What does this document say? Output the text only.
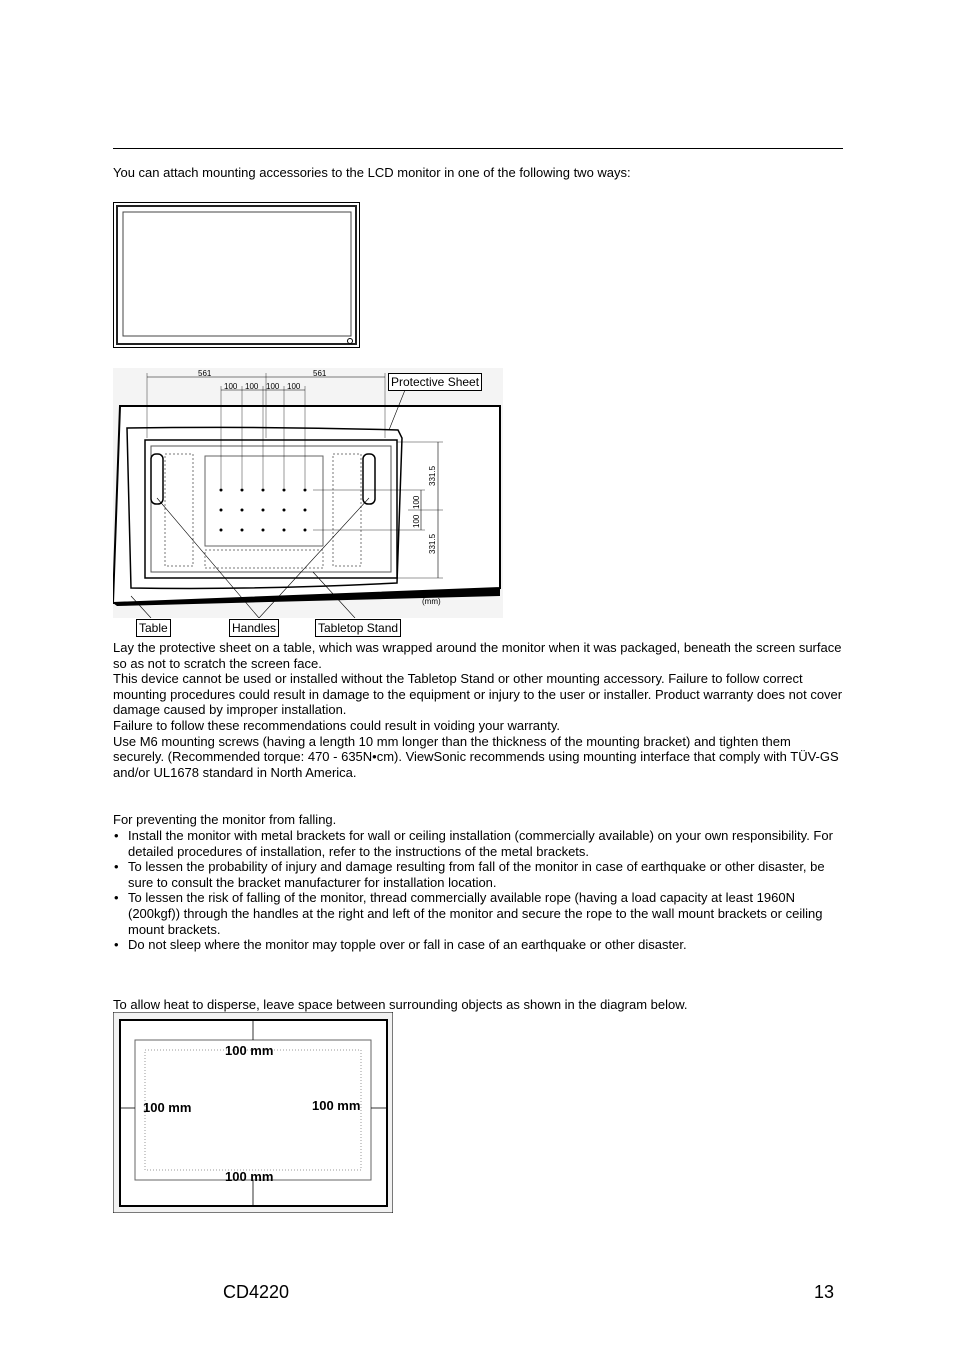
You can attach mounting accessories to the LCD monitor in one of the following two ways:
561	561
100 100 100 100
331.5
331.5
100
100
(mm)
Protective Sheet
Table	Handles	Tabletop Stand

Lay the protective sheet on a table, which was wrapped around the monitor when it was packaged, beneath the screen surface so as not to scratch the screen face.

This device cannot be used or installed without the Tabletop Stand or other mounting accessory. Failure to follow correct mounting procedures could result in damage to the equipment or injury to the user or installer. Product warranty does not cover damage caused by improper installation.

Failure to follow these recommendations could result in voiding your warranty.

Use M6 mounting screws (having a length 10 mm longer than the thickness of the mounting bracket) and tighten them securely. (Recommended torque: 470 - 635N•cm). ViewSonic recommends using mounting interface that comply with TÜV-GS and/or UL1678 standard in North America.

For preventing the monitor from falling.
• Install the monitor with metal brackets for wall or ceiling installation (commercially available) on your own responsibility. For detailed procedures of installation, refer to the instructions of the metal brackets.
• To lessen the probability of injury and damage resulting from fall of the monitor in case of earthquake or other disaster, be sure to consult the bracket manufacturer for installation location.
• To lessen the risk of falling of the monitor, thread commercially available rope (having a load capacity at least 1960N (200kgf)) through the handles at the right and left of the monitor and secure the rope to the wall mount brackets or ceiling mount brackets.
• Do not sleep where the monitor may topple over or fall in case of an earthquake or other disaster.
To allow heat to disperse, leave space between surrounding objects as shown in the diagram below.
100 mm
100 mm	100 mm
100 mm
CD4220	13
